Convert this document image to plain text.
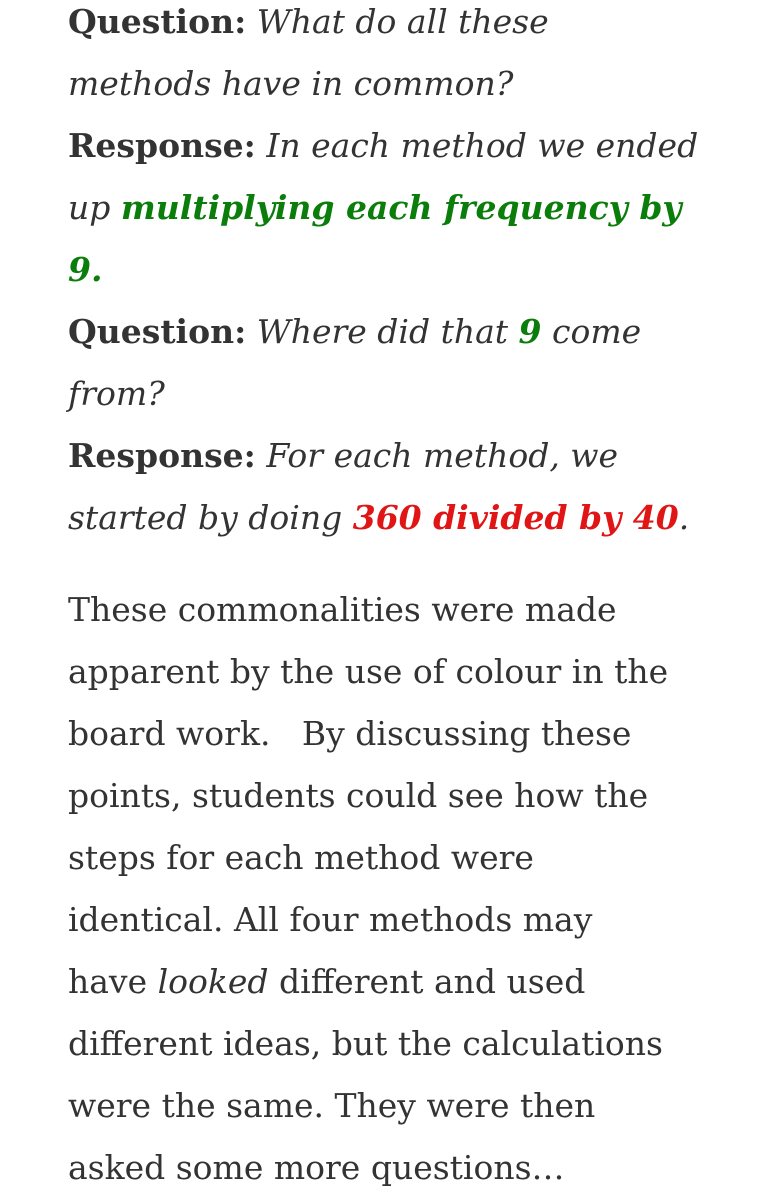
Question: What do all these
methods have in common?
Response: In each method we ended
up multiplying each frequency by
9.
Question: Where did that 9 come
from?
Response: For each method, we
started by doing 360 divided by 40.
These commonalities were made
apparent by the use of colour in the
board work.   By discussing these
points, students could see how the
steps for each method were
identical. All four methods may
have looked different and used
different ideas, but the calculations
were the same. They were then
asked some more questions…
